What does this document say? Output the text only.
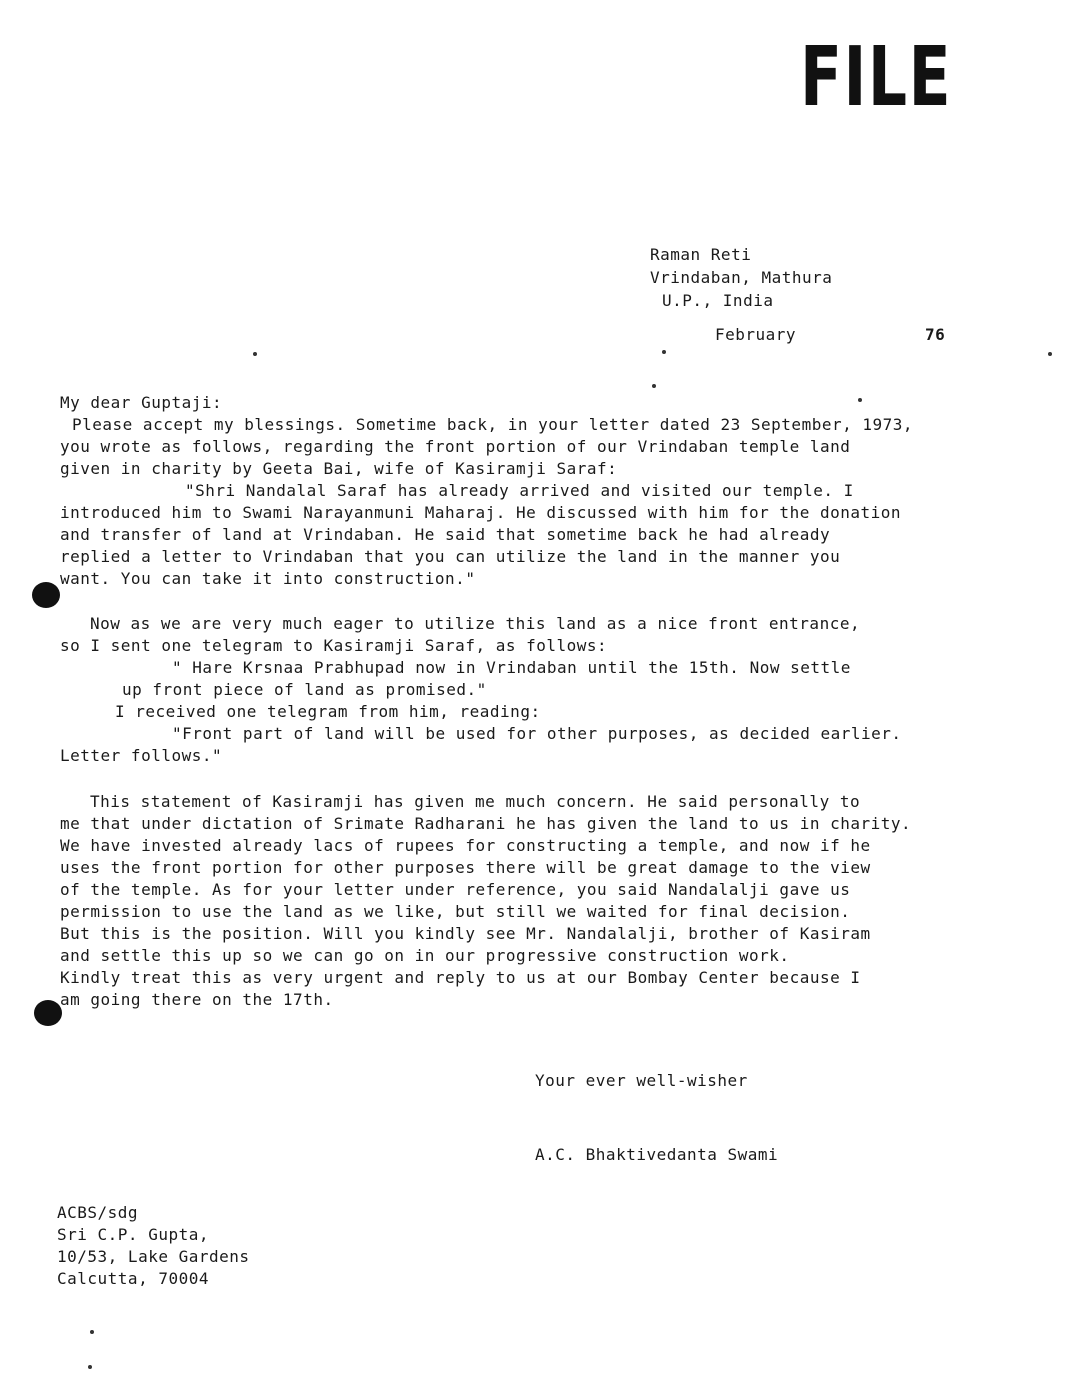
FILE
Raman Reti
Vrindaban, Mathura
U.P., India
February	76
My dear Guptaji:
Please accept my blessings. Sometime back, in your letter dated 23 September, 1973,
you wrote as follows, regarding the front portion of our Vrindaban temple land
given in charity by Geeta Bai, wife of Kasiramji Saraf:
"Shri Nandalal Saraf has already arrived and visited our temple. I
introduced him to Swami Narayanmuni Maharaj. He discussed with him for the donation
and transfer of land at Vrindaban. He said that sometime back he had already
replied a letter to Vrindaban that you can utilize the land in the manner you
want. You can take it into construction."
Now as we are very much eager to utilize this land as a nice front entrance,
so I sent one telegram to Kasiramji Saraf, as follows:
" Hare Krsnaa Prabhupad now in Vrindaban until the 15th. Now settle
up front piece of land as promised."
I received one telegram from him, reading:
"Front part of land will be used for other purposes, as decided earlier.
Letter follows."
This statement of Kasiramji has given me much concern. He said personally to
me that under dictation of Srimate Radharani he has given the land to us in charity.
We have invested already lacs of rupees for constructing a temple, and now if he
uses the front portion for other purposes there will be great damage to the view
of the temple. As for your letter under reference, you said Nandalalji gave us
permission to use the land as we like, but still we waited for final decision.
But this is the position. Will you kindly see Mr. Nandalalji, brother of Kasiram
and settle this up so we can go on in our progressive construction work.
Kindly treat this as very urgent and reply to us at our Bombay Center because I
am going there on the 17th.
Your ever well-wisher
A.C. Bhaktivedanta Swami
ACBS/sdg
Sri C.P. Gupta,
10/53, Lake Gardens
Calcutta, 70004
